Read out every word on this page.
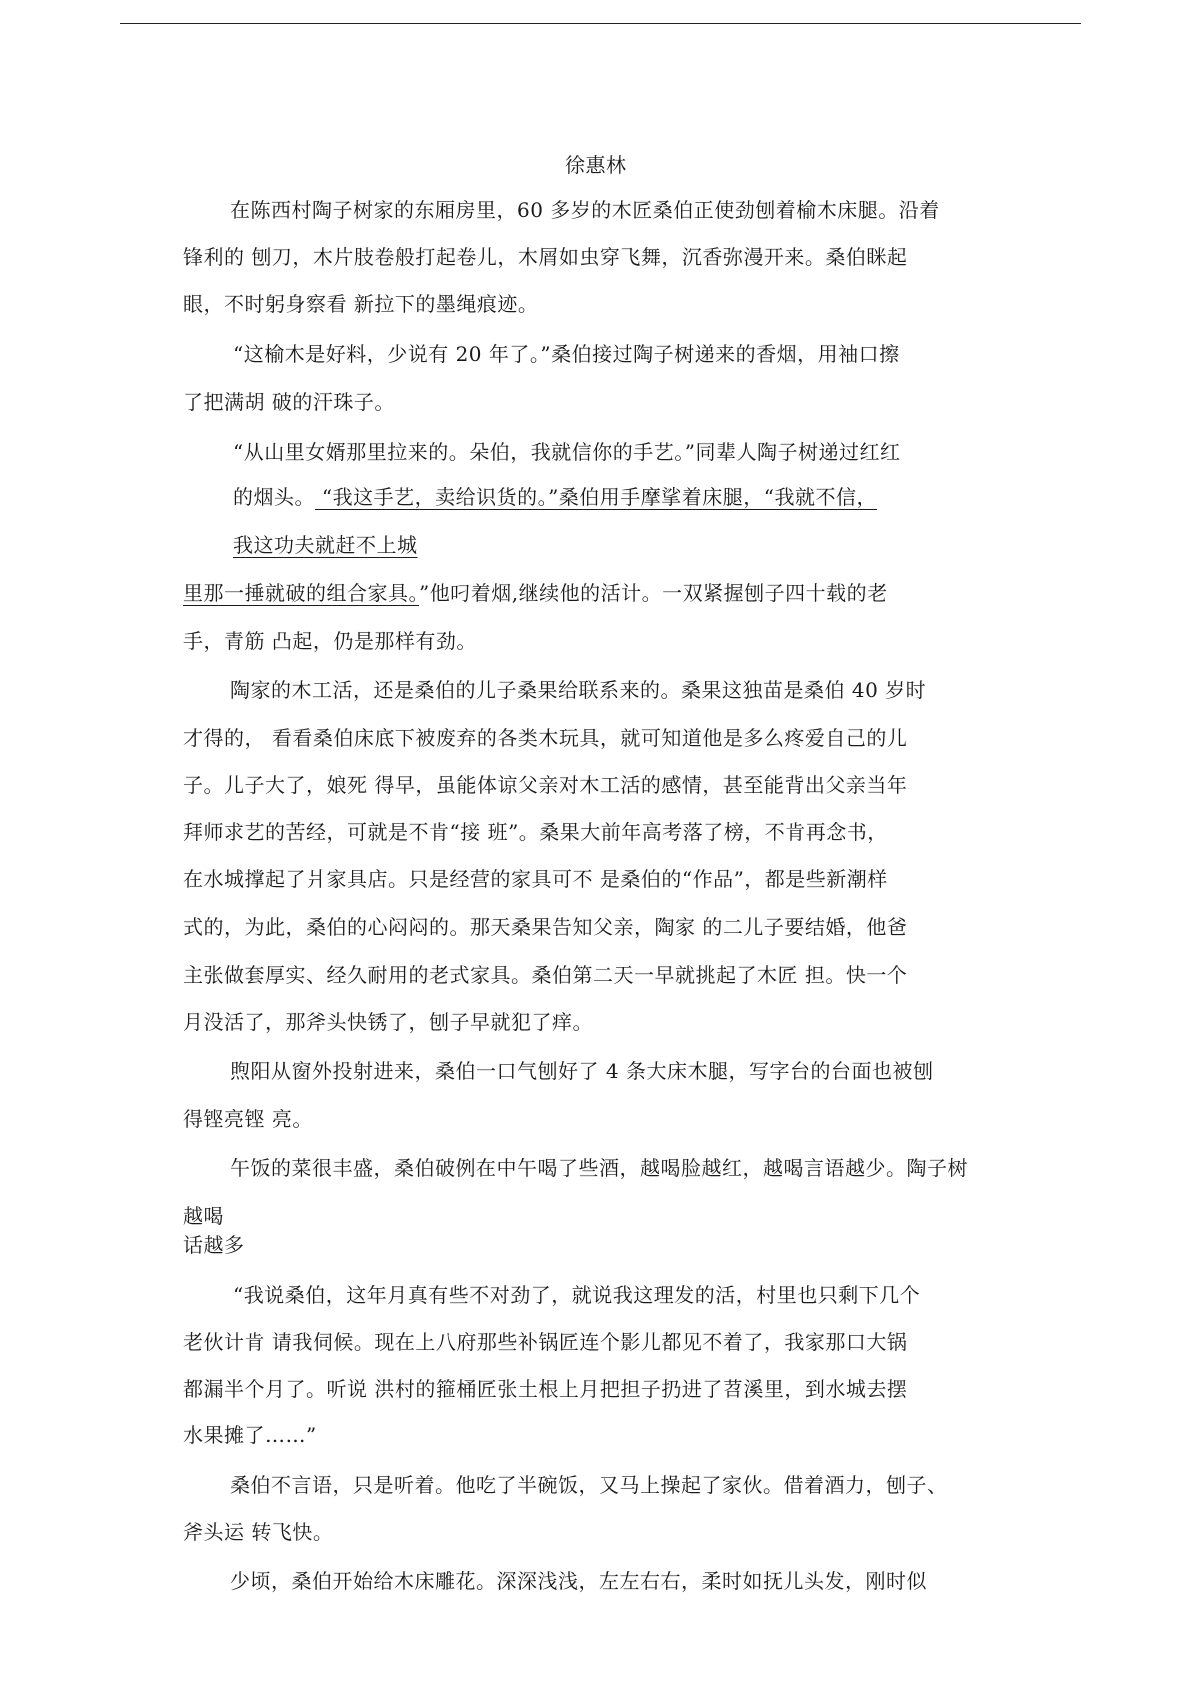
徐惠林
在陈西村陶子树家的东厢房里，60 多岁的木匠桑伯正使劲刨着榆木床腿。沿着
锋利的 刨刀，木片肢卷般打起卷儿，木屑如虫穿飞舞，沉香弥漫开来。桑伯眯起
眼，不时躬身察看 新拉下的墨绳痕迹。
“这榆木是好料，少说有 20 年了。”桑伯接过陶子树递来的香烟，用袖口擦
了把满胡 破的汗珠子。
“从山里女婿那里拉来的。朵伯，我就信你的手艺。”同辈人陶子树递过红红
的烟头。 “我这手艺，卖给识货的。”桑伯用手摩挲着床腿，“我就不信，
我这功夫就赶不上城
里那一捶就破的组合家具。”他叼着烟,继续他的活计。一双紧握刨子四十载的老
手，青筋 凸起，仍是那样有劲。
陶家的木工活，还是桑伯的儿子桑果给联系来的。桑果这独苗是桑伯 40 岁时
才得的， 看看桑伯床底下被废弃的各类木玩具，就可知道他是多么疼爱自己的儿
子。儿子大了，娘死 得早，虽能体谅父亲对木工活的感情，甚至能背出父亲当年
拜师求艺的苦经，可就是不肯“接 班”。桑果大前年高考落了榜，不肯再念书，
在水城撑起了爿家具店。只是经营的家具可不 是桑伯的“作品”，都是些新潮样
式的，为此，桑伯的心闷闷的。那天桑果告知父亲，陶家 的二儿子要结婚，他爸
主张做套厚实、经久耐用的老式家具。桑伯第二天一早就挑起了木匠 担。快一个
月没活了，那斧头快锈了，刨子早就犯了痒。
煦阳从窗外投射进来，桑伯一口气刨好了 4 条大床木腿，写字台的台面也被刨
得铿亮铿 亮。
午饭的菜很丰盛，桑伯破例在中午喝了些酒，越喝脸越红，越喝言语越少。陶子树
越喝
话越多
“我说桑伯，这年月真有些不对劲了，就说我这理发的活，村里也只剩下几个
老伙计肯 请我伺候。现在上八府那些补锅匠连个影儿都见不着了，我家那口大锅
都漏半个月了。听说 洪村的箍桶匠张土根上月把担子扔进了苕溪里，到水城去摆
水果摊了……”
桑伯不言语，只是听着。他吃了半碗饭，又马上操起了家伙。借着酒力，刨子、
斧头运 转飞快。
少顷，桑伯开始给木床雕花。深深浅浅，左左右右，柔时如抚儿头发，刚时似
